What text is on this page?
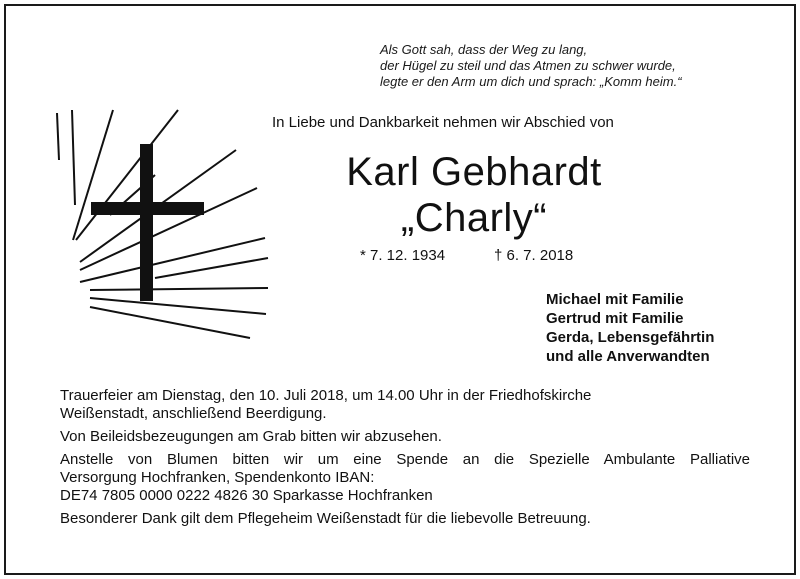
Als Gott sah, dass der Weg zu lang,
der Hügel zu steil und das Atmen zu schwer wurde,
legte er den Arm um dich und sprach: „Komm heim.“
In Liebe und Dankbarkeit nehmen wir Abschied von
Karl Gebhardt
„Charly“
* 7. 12. 1934	† 6. 7. 2018
Michael mit Familie
Gertrud mit Familie
Gerda, Lebensgefährtin
und alle Anverwandten

Trauerfeier am Dienstag, den 10. Juli 2018, um 14.00 Uhr in der Friedhofskirche
Weißenstadt, anschließend Beerdigung.

Von Beileidsbezeugungen am Grab bitten wir abzusehen.

Anstelle von Blumen bitten wir um eine Spende an die Spezielle Ambulante Palliative
Versorgung Hochfranken, Spendenkonto IBAN:
DE74 7805 0000 0222 4826 30 Sparkasse Hochfranken

Besonderer Dank gilt dem Pflegeheim Weißenstadt für die liebevolle Betreuung.
